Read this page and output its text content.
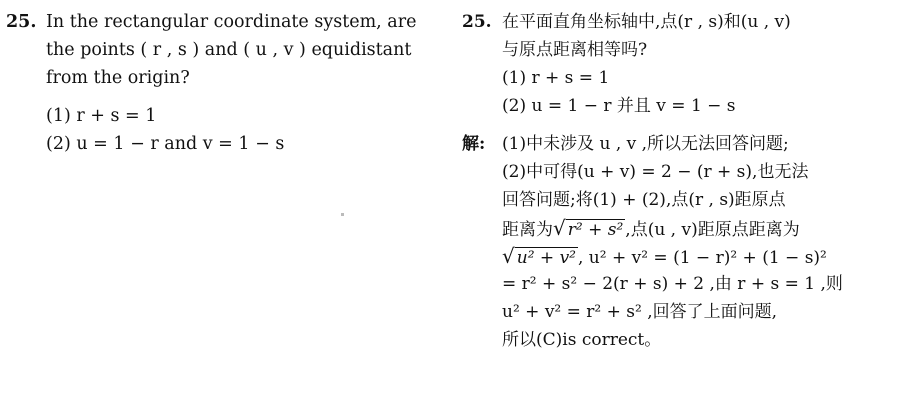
25. In the rectangular coordinate system, are
the points ( r , s ) and ( u , v ) equidistant
from the origin?
(1) r + s = 1
(2) u = 1 − r and v = 1 − s
25. 在平面直角坐标轴中,点(r , s)和(u , v)
与原点距离相等吗?
(1) r + s = 1
(2) u = 1 − r 并且 v = 1 − s
解: (1)中未涉及 u , v ,所以无法回答问题;
(2)中可得(u + v) = 2 − (r + s),也无法
回答问题;将(1) + (2),点(r , s)距原点
距离为√ r² + s² ,点(u , v)距原点距离为
√ u² + v² , u² + v² = (1 − r)² + (1 − s)²
= r² + s² − 2(r + s) + 2 ,由 r + s = 1 ,则
u² + v² = r² + s² ,回答了上面问题,
所以(C)is correct。
